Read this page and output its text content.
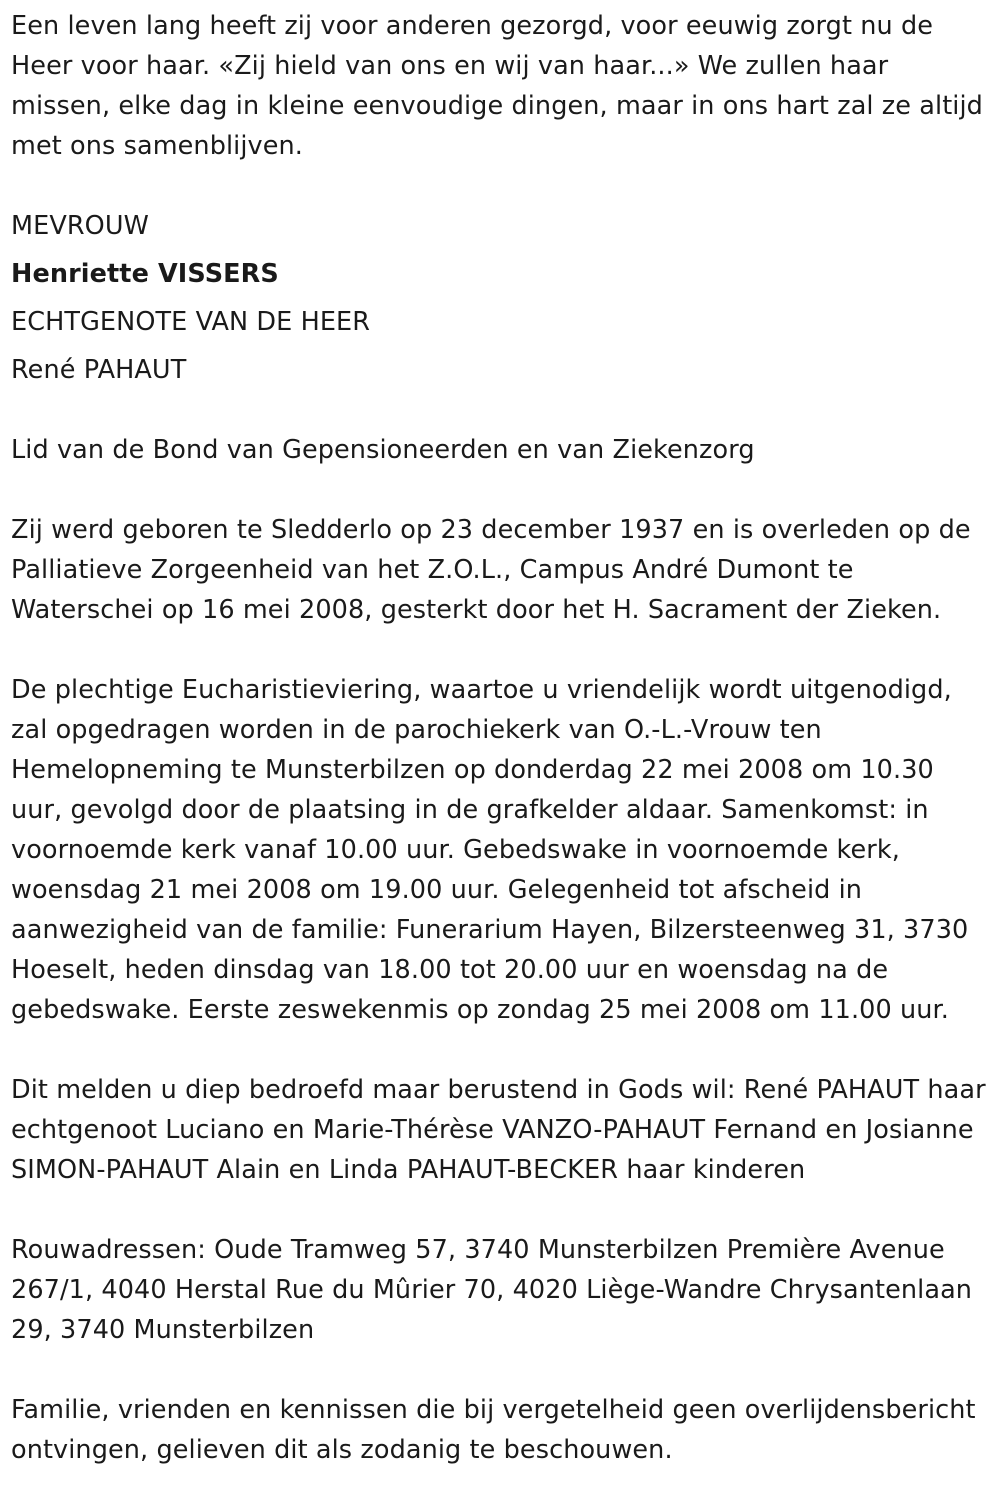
Een leven lang heeft zij voor anderen gezorgd, voor eeuwig zorgt nu de Heer voor haar. «Zij hield van ons en wij van haar...» We zullen haar missen, elke dag in kleine eenvoudige dingen, maar in ons hart zal ze altijd met ons samenblijven.

MEVROUW

Henriette VISSERS

ECHTGENOTE VAN DE HEER

René PAHAUT

Lid van de Bond van Gepensioneerden en van Ziekenzorg

Zij werd geboren te Sledderlo op 23 december 1937 en is overleden op de Palliatieve Zorgeenheid van het Z.O.L., Campus André Dumont te Waterschei op 16 mei 2008, gesterkt door het H. Sacrament der Zieken.

De plechtige Eucharistieviering, waartoe u vriendelijk wordt uitgenodigd, zal opgedragen worden in de parochiekerk van O.-L.-Vrouw ten Hemelopneming te Munsterbilzen op donderdag 22 mei 2008 om 10.30 uur, gevolgd door de plaatsing in de grafkelder aldaar. Samenkomst: in voornoemde kerk vanaf 10.00 uur. Gebedswake in voornoemde kerk, woensdag 21 mei 2008 om 19.00 uur. Gelegenheid tot afscheid in aanwezigheid van de familie: Funerarium Hayen, Bilzersteenweg 31, 3730 Hoeselt, heden dinsdag van 18.00 tot 20.00 uur en woensdag na de gebedswake. Eerste zeswekenmis op zondag 25 mei 2008 om 11.00 uur.

Dit melden u diep bedroefd maar berustend in Gods wil: René PAHAUT haar echtgenoot Luciano en Marie-Thérèse VANZO-PAHAUT Fernand en Josianne SIMON-PAHAUT Alain en Linda PAHAUT-BECKER haar kinderen

Rouwadressen: Oude Tramweg 57, 3740 Munsterbilzen Première Avenue 267/1, 4040 Herstal Rue du Mûrier 70, 4020 Liège-Wandre Chrysantenlaan 29, 3740 Munsterbilzen

Familie, vrienden en kennissen die bij vergetelheid geen overlijdensbericht ontvingen, gelieven dit als zodanig te beschouwen.
